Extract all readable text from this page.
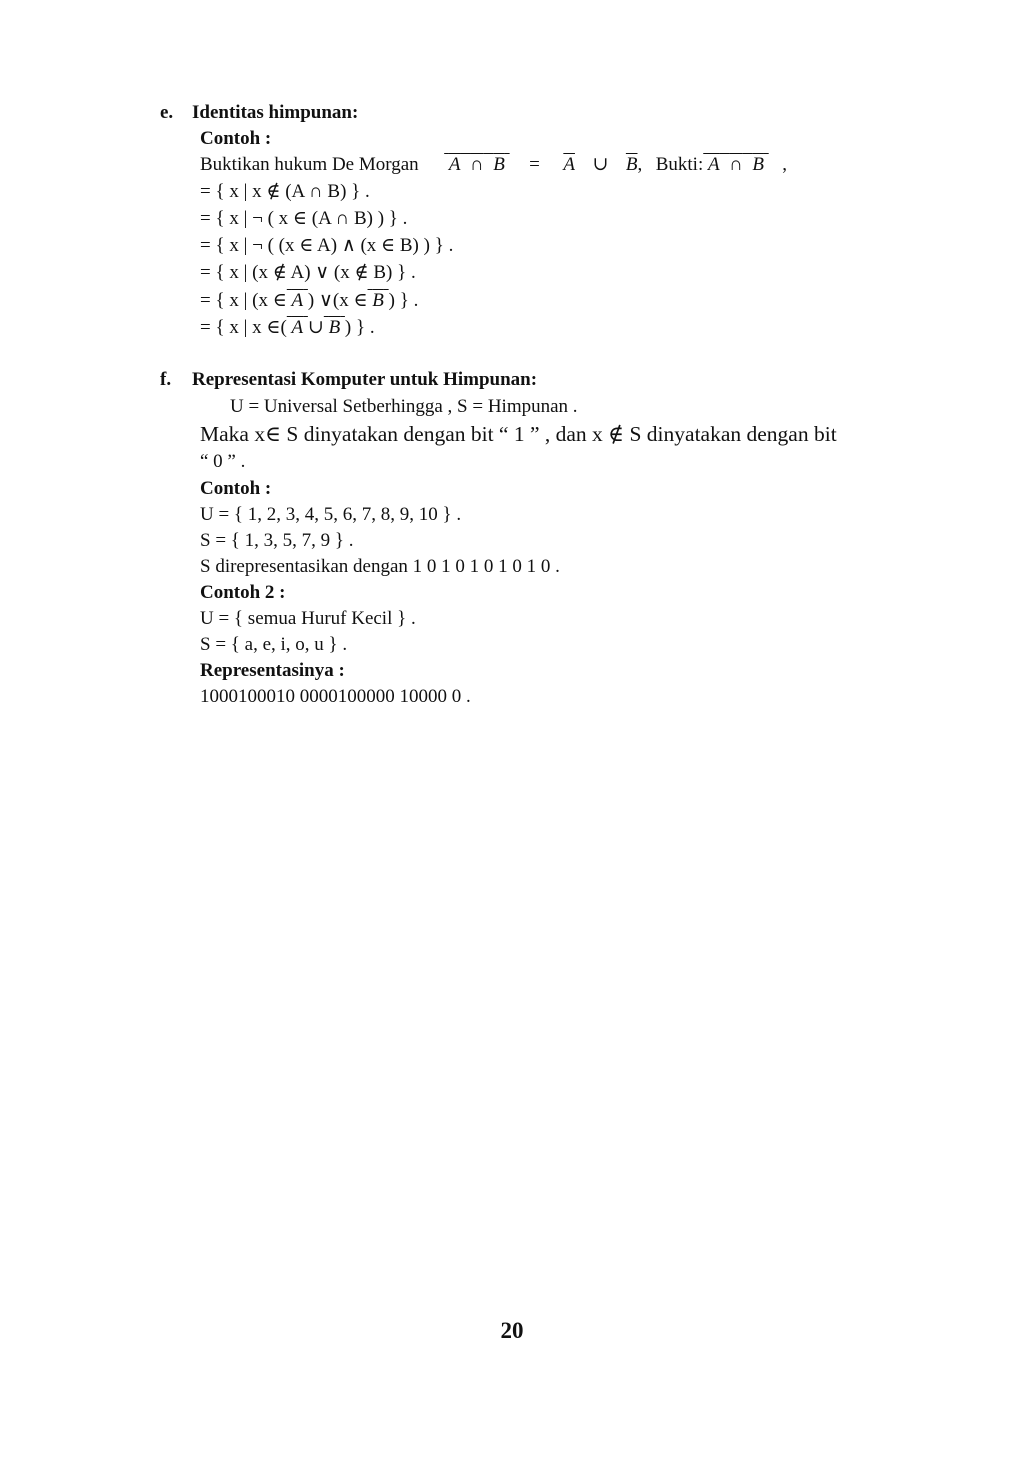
e. Identitas himpunan:
Contoh :
Buktikan hukum De Morgan A ∩ $B = \overline{A}$ ∪ $\overline{B}$, Bukti: A ∩ B ,
= { x | x ∉ (A ∩ B) } .
= { x | ¬ ( x ∈ (A ∩ B) ) } .
= { x | ¬ ( (x ∈ A) ∧ (x ∈ B) ) } .
= { x | (x ∉ A) ∨ (x ∉ B) } .
= { x | (x ∈ A ) ∨(x ∈ B ) } .
= { x | x ∈( A ∪ B ) } .
f. Representasi Komputer untuk Himpunan:
U = Universal Setberhingga , S = Himpunan .
Maka x∈ S dinyatakan dengan bit “ 1 ” , dan x ∉ S dinyatakan dengan bit
“ 0 ” .
Contoh :
U = { 1, 2, 3, 4, 5, 6, 7, 8, 9, 10 } .
S = { 1, 3, 5, 7, 9 } .
S direpresentasikan dengan 1 0 1 0 1 0 1 0 1 0 .
Contoh 2 :
U = { semua Huruf Kecil } .
S = { a, e, i, o, u } .
Representasinya :
1000100010 0000100000 10000 0 .
20
